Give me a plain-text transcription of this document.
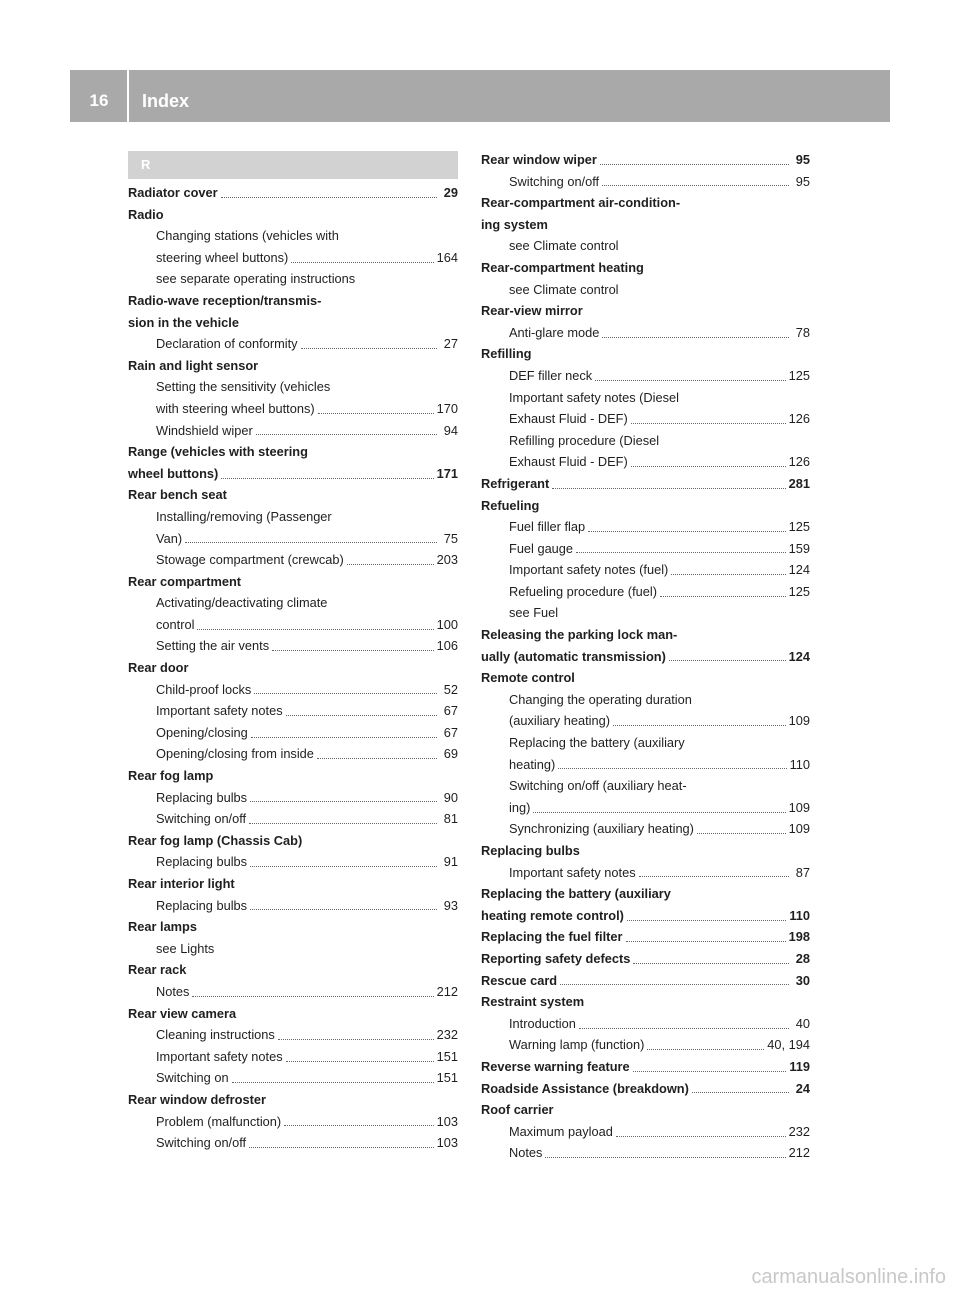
16	Index
R
Radiator cover	29
Radio
Changing stations (vehicles with
steering wheel buttons)	164
see separate operating instructions
Radio-wave reception/transmis-
sion in the vehicle
Declaration of conformity	27
Rain and light sensor
Setting the sensitivity (vehicles
with steering wheel buttons)	170
Windshield wiper	94
Range (vehicles with steering
wheel buttons)	171
Rear bench seat
Installing/removing (Passenger
Van)	75
Stowage compartment (crewcab)	203
Rear compartment
Activating/deactivating climate
control	100
Setting the air vents	106
Rear door
Child-proof locks	52
Important safety notes	67
Opening/closing	67
Opening/closing from inside	69
Rear fog lamp
Replacing bulbs	90
Switching on/off	81
Rear fog lamp (Chassis Cab)
Replacing bulbs	91
Rear interior light
Replacing bulbs	93
Rear lamps
see Lights
Rear rack
Notes	212
Rear view camera
Cleaning instructions	232
Important safety notes	151
Switching on	151
Rear window defroster
Problem (malfunction)	103
Switching on/off	103
Rear window wiper	95
Switching on/off	95
Rear-compartment air-condition-
ing system
see Climate control
Rear-compartment heating
see Climate control
Rear-view mirror
Anti-glare mode	78
Refilling
DEF filler neck	125
Important safety notes (Diesel
Exhaust Fluid - DEF)	126
Refilling procedure (Diesel
Exhaust Fluid - DEF)	126
Refrigerant	281
Refueling
Fuel filler flap	125
Fuel gauge	159
Important safety notes (fuel)	124
Refueling procedure (fuel)	125
see Fuel
Releasing the parking lock man-
ually (automatic transmission)	124
Remote control
Changing the operating duration
(auxiliary heating)	109
Replacing the battery (auxiliary
heating)	110
Switching on/off (auxiliary heat-
ing)	109
Synchronizing (auxiliary heating)	109
Replacing bulbs
Important safety notes	87
Replacing the battery (auxiliary
heating remote control)	110
Replacing the fuel filter	198
Reporting safety defects	28
Rescue card	30
Restraint system
Introduction	40
Warning lamp (function)	40, 194
Reverse warning feature	119
Roadside Assistance (breakdown)	24
Roof carrier
Maximum payload	232
Notes	212
carmanualsonline.info
